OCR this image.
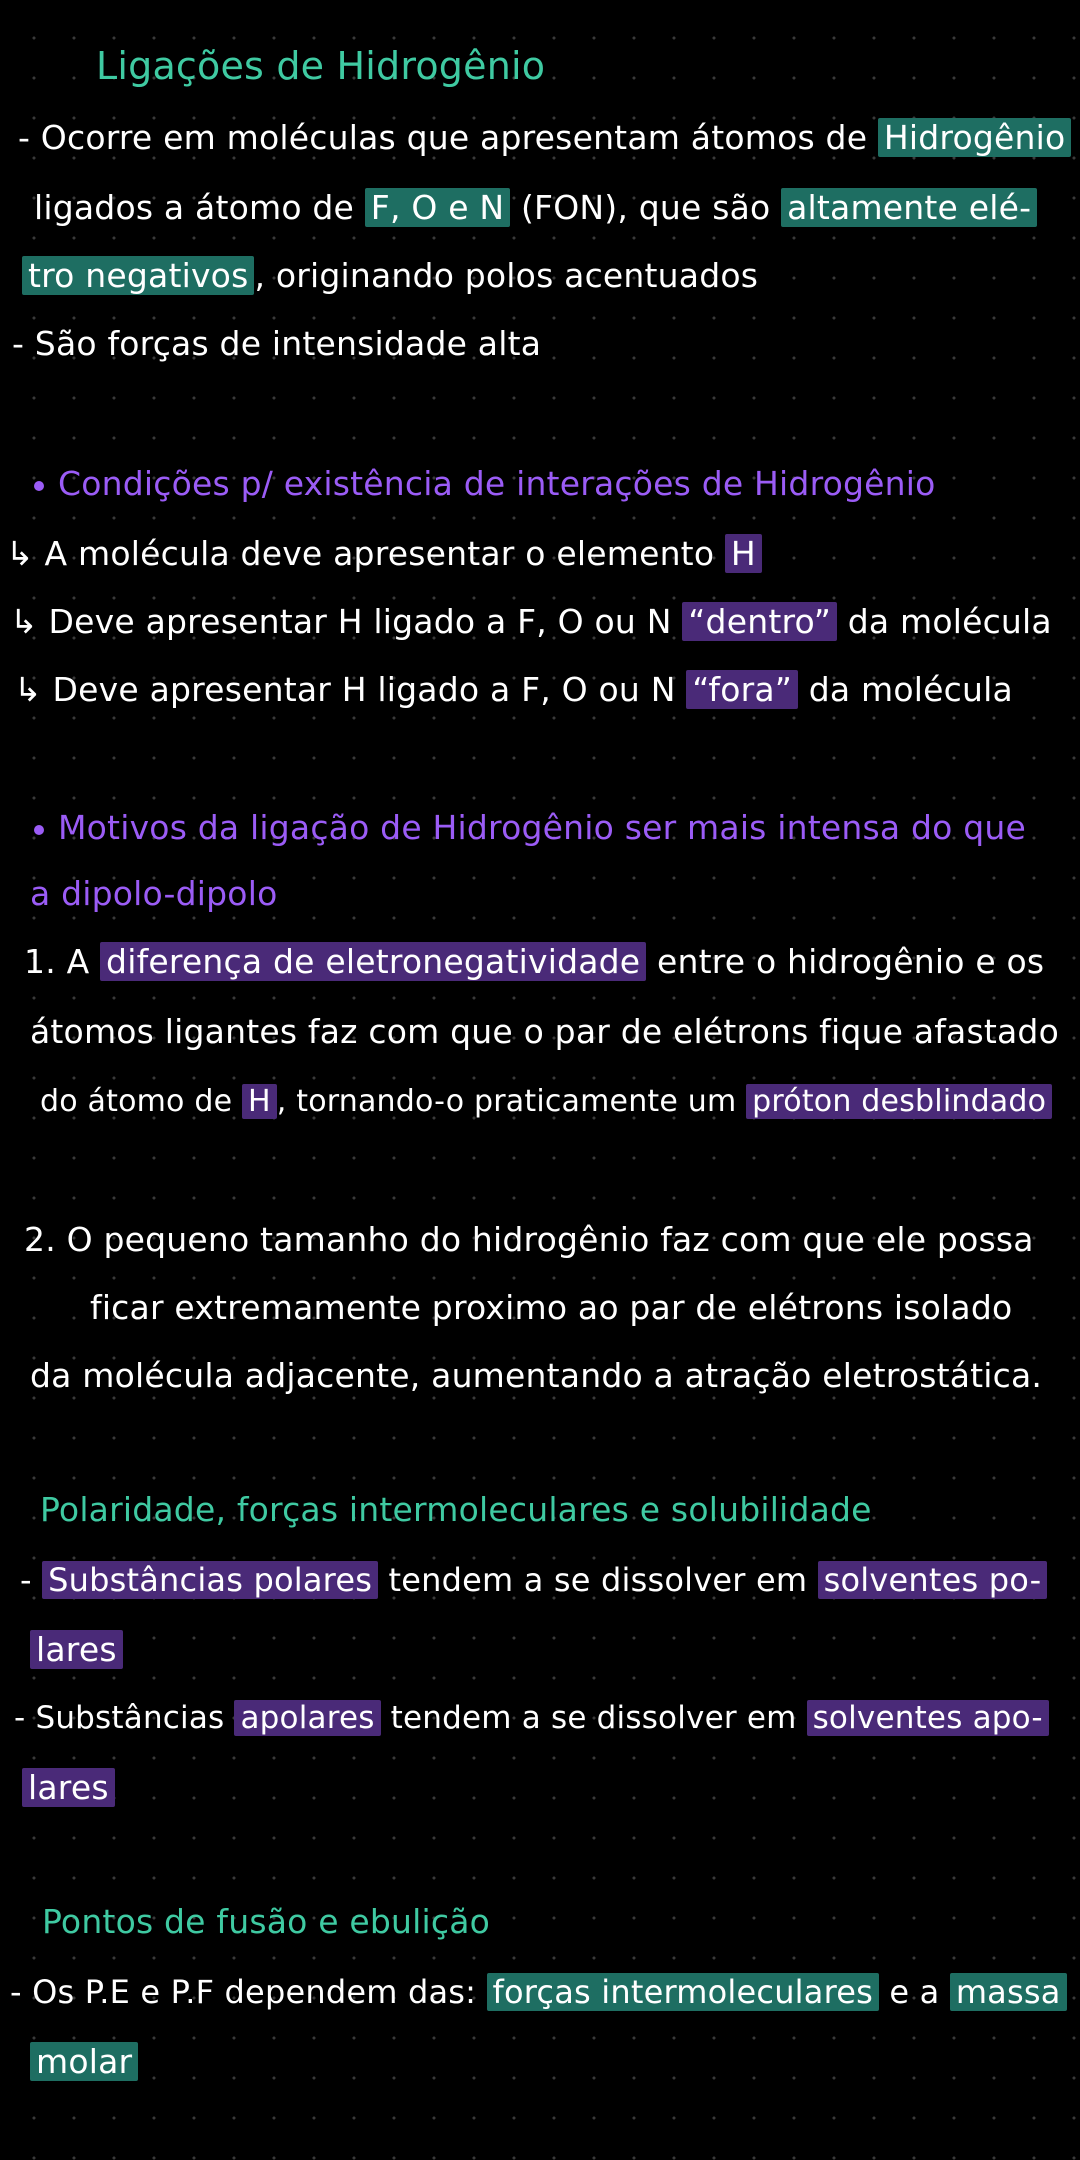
Ligações de Hidrogênio
- Ocorre em moléculas que apresentam átomos de Hidrogênio
ligados a átomo de F, O e N (FON), que são altamente elé-
tro negativos , originando polos acentuados
- São forças de intensidade alta
Condições p/ existência de interações de Hidrogênio
↳ A molécula deve apresentar o elemento H
↳ Deve apresentar H ligado a F, O ou N “dentro” da molécula
↳ Deve apresentar H ligado a F, O ou N “fora” da molécula
Motivos da ligação de Hidrogênio ser mais intensa do que
a dipolo-dipolo
1. A diferença de eletronegatividade entre o hidrogênio e os
átomos ligantes faz com que o par de elétrons fique afastado
do átomo de H , tornando-o praticamente um próton desblindado
2. O pequeno tamanho do hidrogênio faz com que ele possa
ficar extremamente proximo ao par de elétrons isolado
da molécula adjacente, aumentando a atração eletrostática.
Polaridade, forças intermoleculares e solubilidade
- Substâncias polares tendem a se dissolver em solventes po-
lares
- Substâncias apolares tendem a se dissolver em solventes apo-
lares
Pontos de fusão e ebulição
- Os P.E e P.F dependem das: forças intermoleculares e a massa
molar
